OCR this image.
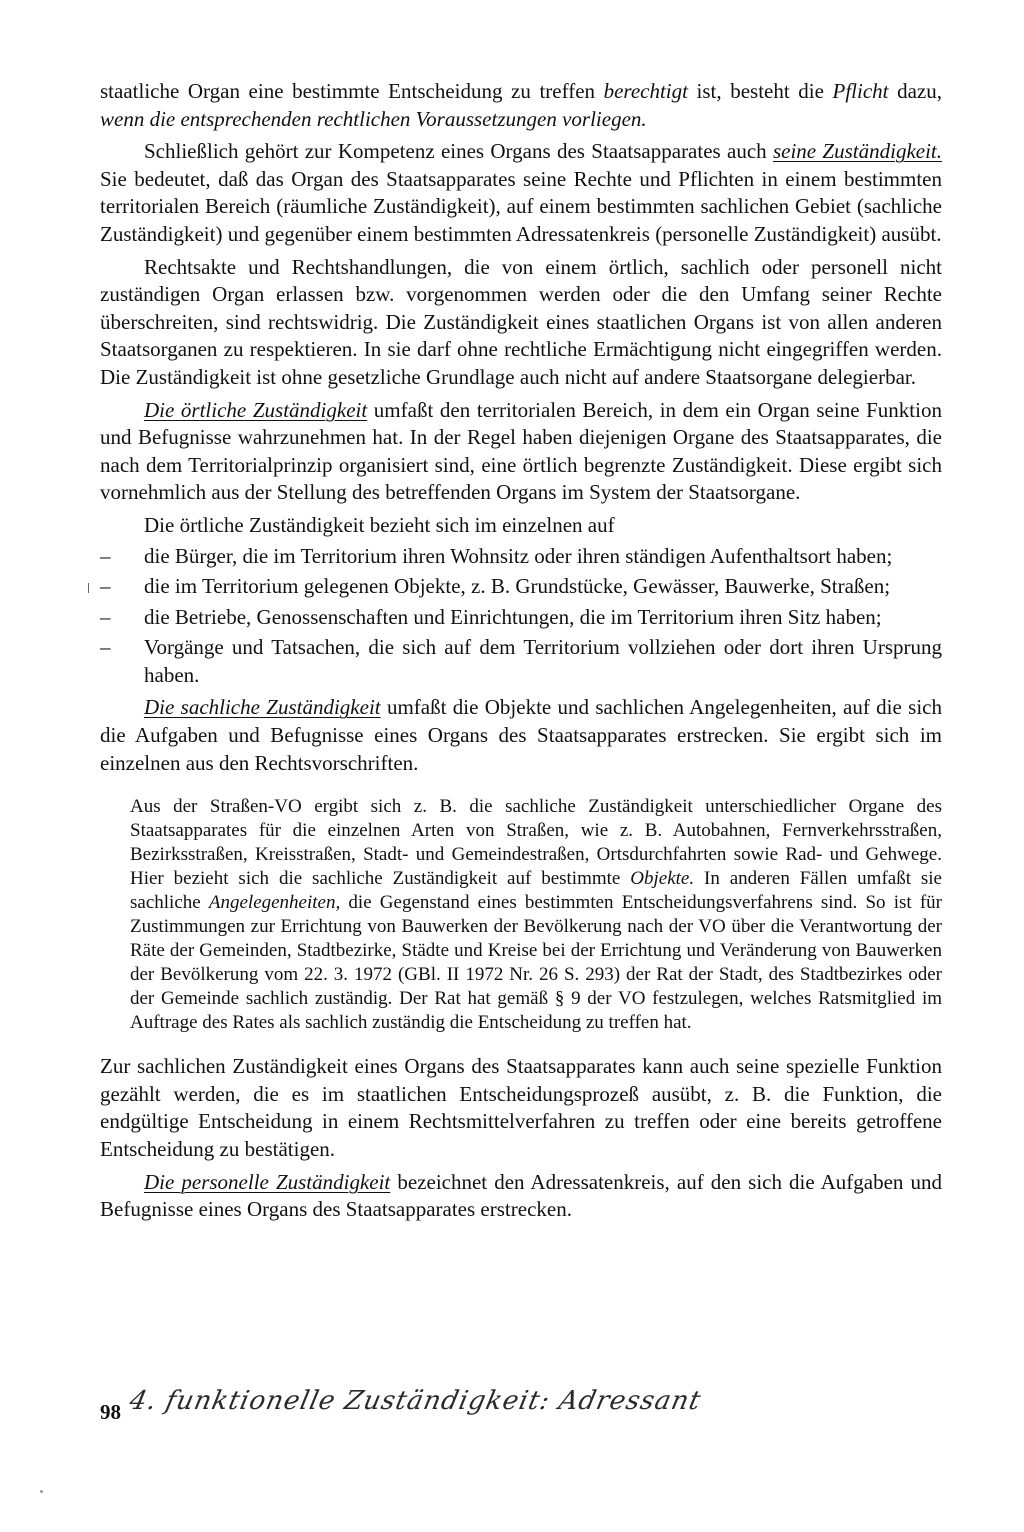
staatliche Organ eine bestimmte Entscheidung zu treffen berechtigt ist, besteht die Pflicht dazu, wenn die entsprechenden rechtlichen Voraussetzungen vorliegen.

Schließlich gehört zur Kompetenz eines Organs des Staatsapparates auch seine Zuständigkeit. Sie bedeutet, daß das Organ des Staatsapparates seine Rechte und Pflichten in einem bestimmten territorialen Bereich (räumliche Zuständigkeit), auf einem bestimmten sachlichen Gebiet (sachliche Zuständigkeit) und gegenüber einem bestimmten Adressatenkreis (personelle Zuständigkeit) ausübt.

Rechtsakte und Rechtshandlungen, die von einem örtlich, sachlich oder personell nicht zuständigen Organ erlassen bzw. vorgenommen werden oder die den Umfang seiner Rechte überschreiten, sind rechtswidrig. Die Zuständigkeit eines staatlichen Organs ist von allen anderen Staatsorganen zu respektieren. In sie darf ohne rechtliche Ermächtigung nicht eingegriffen werden. Die Zuständigkeit ist ohne gesetzliche Grundlage auch nicht auf andere Staatsorgane delegierbar.

Die örtliche Zuständigkeit umfaßt den territorialen Bereich, in dem ein Organ seine Funktion und Befugnisse wahrzunehmen hat. In der Regel haben diejenigen Organe des Staatsapparates, die nach dem Territorialprinzip organisiert sind, eine örtlich begrenzte Zuständigkeit. Diese ergibt sich vornehmlich aus der Stellung des betreffenden Organs im System der Staatsorgane.

Die örtliche Zuständigkeit bezieht sich im einzelnen auf

– die Bürger, die im Territorium ihren Wohnsitz oder ihren ständigen Aufenthaltsort haben;
– die im Territorium gelegenen Objekte, z. B. Grundstücke, Gewässer, Bauwerke, Straßen;
– die Betriebe, Genossenschaften und Einrichtungen, die im Territorium ihren Sitz haben;
– Vorgänge und Tatsachen, die sich auf dem Territorium vollziehen oder dort ihren Ursprung haben.

Die sachliche Zuständigkeit umfaßt die Objekte und sachlichen Angelegenheiten, auf die sich die Aufgaben und Befugnisse eines Organs des Staatsapparates erstrecken. Sie ergibt sich im einzelnen aus den Rechtsvorschriften.

Aus der Straßen-VO ergibt sich z. B. die sachliche Zuständigkeit unterschiedlicher Organe des Staatsapparates für die einzelnen Arten von Straßen, wie z. B. Autobahnen, Fernverkehrsstraßen, Bezirksstraßen, Kreisstraßen, Stadt- und Gemeindestraßen, Ortsdurchfahrten sowie Rad- und Gehwege. Hier bezieht sich die sachliche Zuständigkeit auf bestimmte Objekte. In anderen Fällen umfaßt sie sachliche Angelegenheiten, die Gegenstand eines bestimmten Entscheidungsverfahrens sind. So ist für Zustimmungen zur Errichtung von Bauwerken der Bevölkerung nach der VO über die Verantwortung der Räte der Gemeinden, Stadtbezirke, Städte und Kreise bei der Errichtung und Veränderung von Bauwerken der Bevölkerung vom 22. 3. 1972 (GBl. II 1972 Nr. 26 S. 293) der Rat der Stadt, des Stadtbezirkes oder der Gemeinde sachlich zuständig. Der Rat hat gemäß § 9 der VO festzulegen, welches Ratsmitglied im Auftrage des Rates als sachlich zuständig die Entscheidung zu treffen hat.

Zur sachlichen Zuständigkeit eines Organs des Staatsapparates kann auch seine spezielle Funktion gezählt werden, die es im staatlichen Entscheidungsprozeß ausübt, z. B. die Funktion, die endgültige Entscheidung in einem Rechtsmittelverfahren zu treffen oder eine bereits getroffene Entscheidung zu bestätigen.

Die personelle Zuständigkeit bezeichnet den Adressatenkreis, auf den sich die Aufgaben und Befugnisse eines Organs des Staatsapparates erstrecken.

98 4. funktionelle Zuständigkeit: Adressant
